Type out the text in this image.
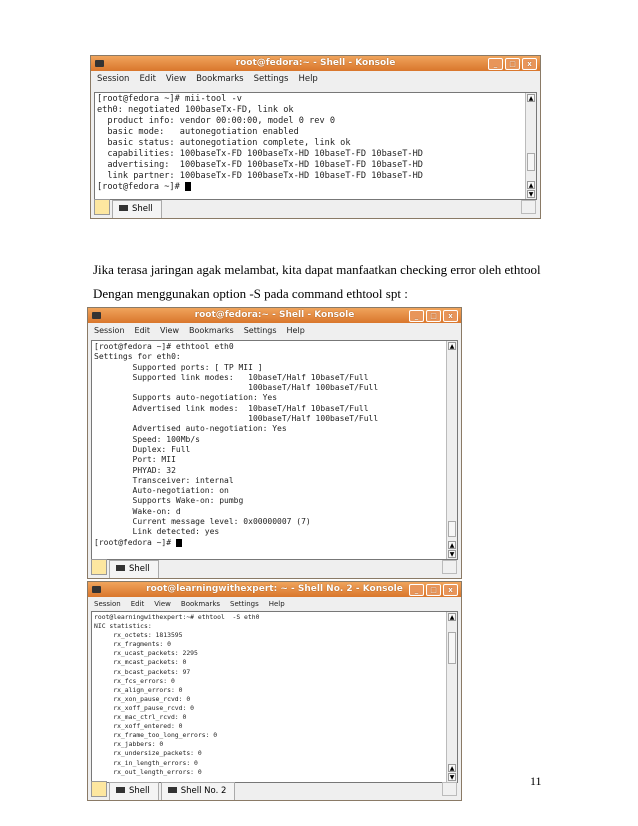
Jika terasa jaringan agak melambat, kita dapat manfaatkan checking error oleh ethtool
Dengan menggunakan option -S pada command ethtool spt :
11
root@fedora:~ - Shell - Konsole	_	□	x
Session Edit View Bookmarks Settings Help
[root@fedora ~]# mii-tool -v
eth0: negotiated 100baseTx-FD, link ok
product info: vendor 00:00:00, model 0 rev 0
basic mode:   autonegotiation enabled
basic status: autonegotiation complete, link ok
capabilities: 100baseTx-FD 100baseTx-HD 10baseT-FD 10baseT-HD
advertising:  100baseTx-FD 100baseTx-HD 10baseT-FD 10baseT-HD
link partner: 100baseTx-FD 100baseTx-HD 10baseT-FD 10baseT-HD
[root@fedora ~]#
▲
▲
▼
Shell
root@fedora:~ - Shell - Konsole	_	□	x
Session Edit View Bookmarks Settings Help
[root@fedora ~]# ethtool eth0
Settings for eth0:
Supported ports: [ TP MII ]
Supported link modes:   10baseT/Half 10baseT/Full
100baseT/Half 100baseT/Full
Supports auto-negotiation: Yes
Advertised link modes:  10baseT/Half 10baseT/Full
100baseT/Half 100baseT/Full
Advertised auto-negotiation: Yes
Speed: 100Mb/s
Duplex: Full
Port: MII
PHYAD: 32
Transceiver: internal
Auto-negotiation: on
Supports Wake-on: pumbg
Wake-on: d
Current message level: 0x00000007 (7)
Link detected: yes
[root@fedora ~]#
▲
▲
▼
Shell
root@learningwithexpert: ~ - Shell No. 2 - Konsole	_	□	x
Session Edit View Bookmarks Settings Help
root@learningwithexpert:~# ethtool  -S eth0
NIC statistics:
rx_octets: 1813595
rx_fragments: 0
rx_ucast_packets: 2295
rx_mcast_packets: 0
rx_bcast_packets: 97
rx_fcs_errors: 0
rx_align_errors: 0
rx_xon_pause_rcvd: 0
rx_xoff_pause_rcvd: 0
rx_mac_ctrl_rcvd: 0
rx_xoff_entered: 0
rx_frame_too_long_errors: 0
rx_jabbers: 0
rx_undersize_packets: 0
rx_in_length_errors: 0
rx_out_length_errors: 0
▲
▲
▼
Shell	Shell No. 2
